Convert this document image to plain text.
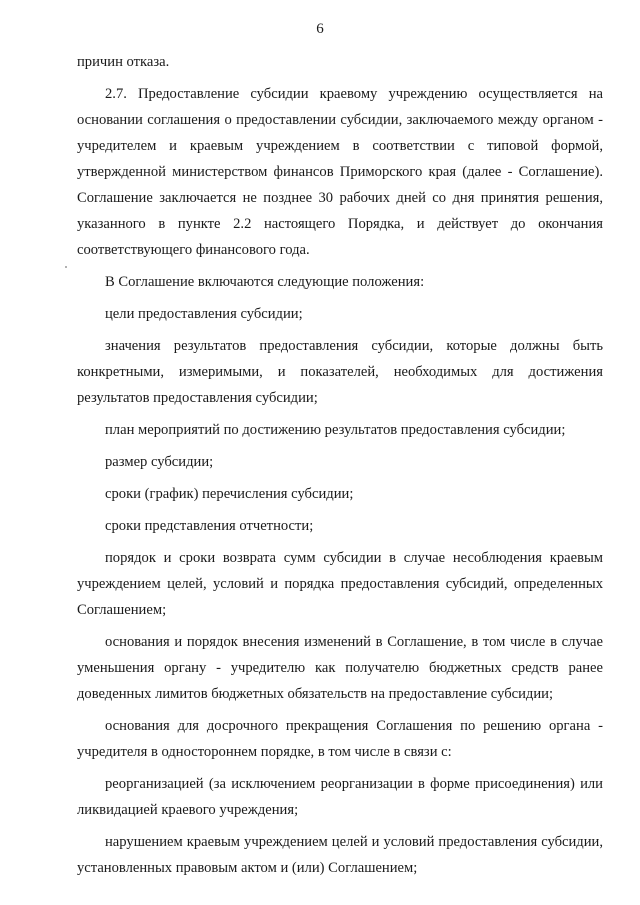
6

причин отказа.

2.7. Предоставление субсидии краевому учреждению осуществляется на основании соглашения о предоставлении субсидии, заключаемого между органом - учредителем и краевым учреждением в соответствии с типовой формой, утвержденной министерством финансов Приморского края (далее - Соглашение). Соглашение заключается не позднее 30 рабочих дней со дня принятия решения, указанного в пункте 2.2 настоящего Порядка, и действует до окончания соответствующего финансового года.

В Соглашение включаются следующие положения:

цели предоставления субсидии;

значения результатов предоставления субсидии, которые должны быть конкретными, измеримыми, и показателей, необходимых для достижения результатов предоставления субсидии;

план мероприятий по достижению результатов предоставления субсидии;

размер субсидии;

сроки (график) перечисления субсидии;

сроки представления отчетности;

порядок и сроки возврата сумм субсидии в случае несоблюдения краевым учреждением целей, условий и порядка предоставления субсидий, определенных Соглашением;

основания и порядок внесения изменений в Соглашение, в том числе в случае уменьшения органу - учредителю как получателю бюджетных средств ранее доведенных лимитов бюджетных обязательств на предоставление субсидии;

основания для досрочного прекращения Соглашения по решению органа - учредителя в одностороннем порядке, в том числе в связи с:

реорганизацией (за исключением реорганизации в форме присоединения) или ликвидацией краевого учреждения;

нарушением краевым учреждением целей и условий предоставления субсидии, установленных правовым актом и (или) Соглашением;
